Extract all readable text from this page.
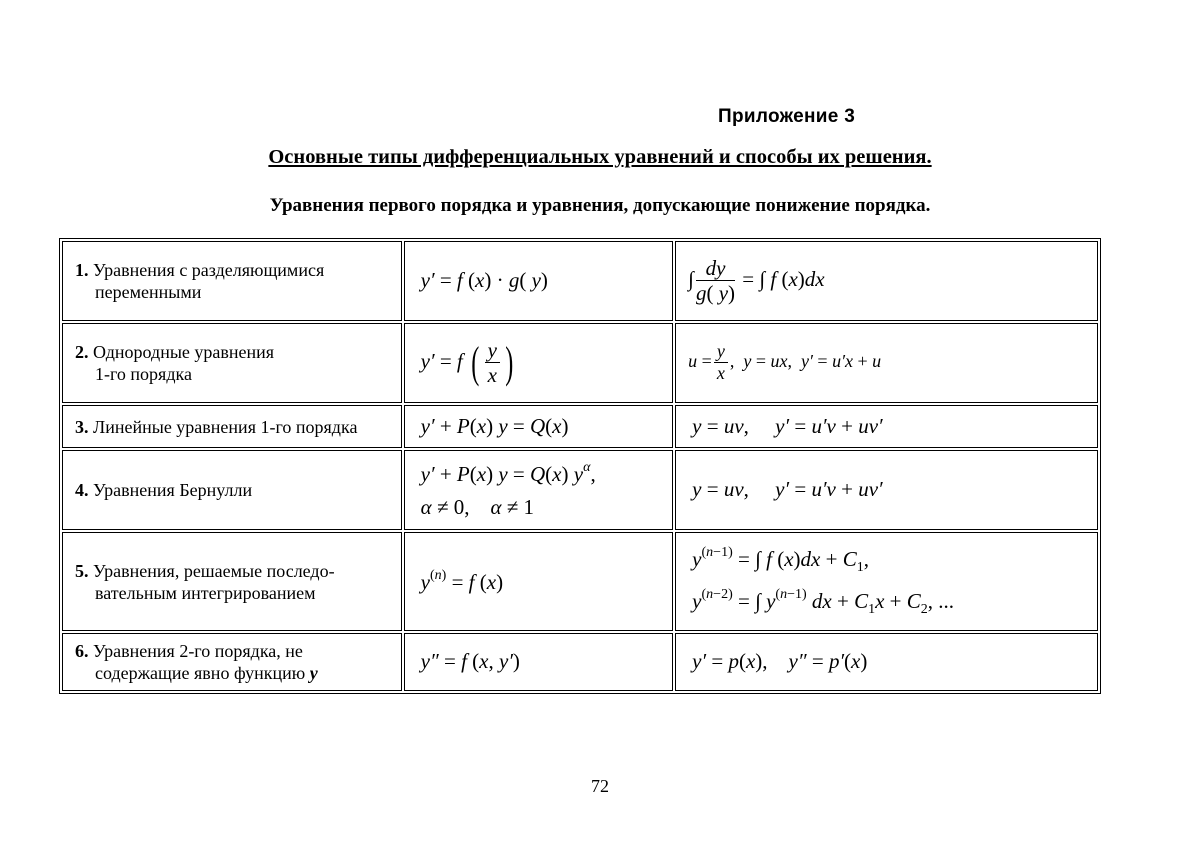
Приложение 3
Основные типы дифференциальных уравнений и способы их решения.
Уравнения первого порядка и уравнения, допускающие понижение порядка.
1. Уравнения с разделяющимися
переменными	y′ = f (x) · g( y)	∫ $\frac{dy}{g( y)}$ = ∫ f (x)dx

2. Однородные уравнения
1-го порядка	y′ = f ( $\frac{y}{x}$ )	$u = \frac{y}{x}$ ,  y = ux,  y′ = u′x + u

3. Линейные уравнения 1-го порядка	y′ + P(x) y = Q(x)	y = uv,     y′ = u′v + uv′

4. Уравнения Бернулли	y′ + P(x) y = Q(x) $y^\alpha$,
α ≠ 0,    α ≠ 1	y = uv,     y′ = u′v + uv′

5. Уравнения, решаемые последо-
вательным интегрированием	$y^{(n)} = f$ (x)	$y^{(n-1)}$ = ∫ f $(x)dx + C_1$,
$y^{(n-2)}$ = ∫ $y^{(n-1)}$ dx + $C_1x + C_2$, ...

6. Уравнения 2-го порядка, не
содержащие явно функцию y	y″ = f (x, y′)	y′ = p(x),    y″ = p′(x)
72
